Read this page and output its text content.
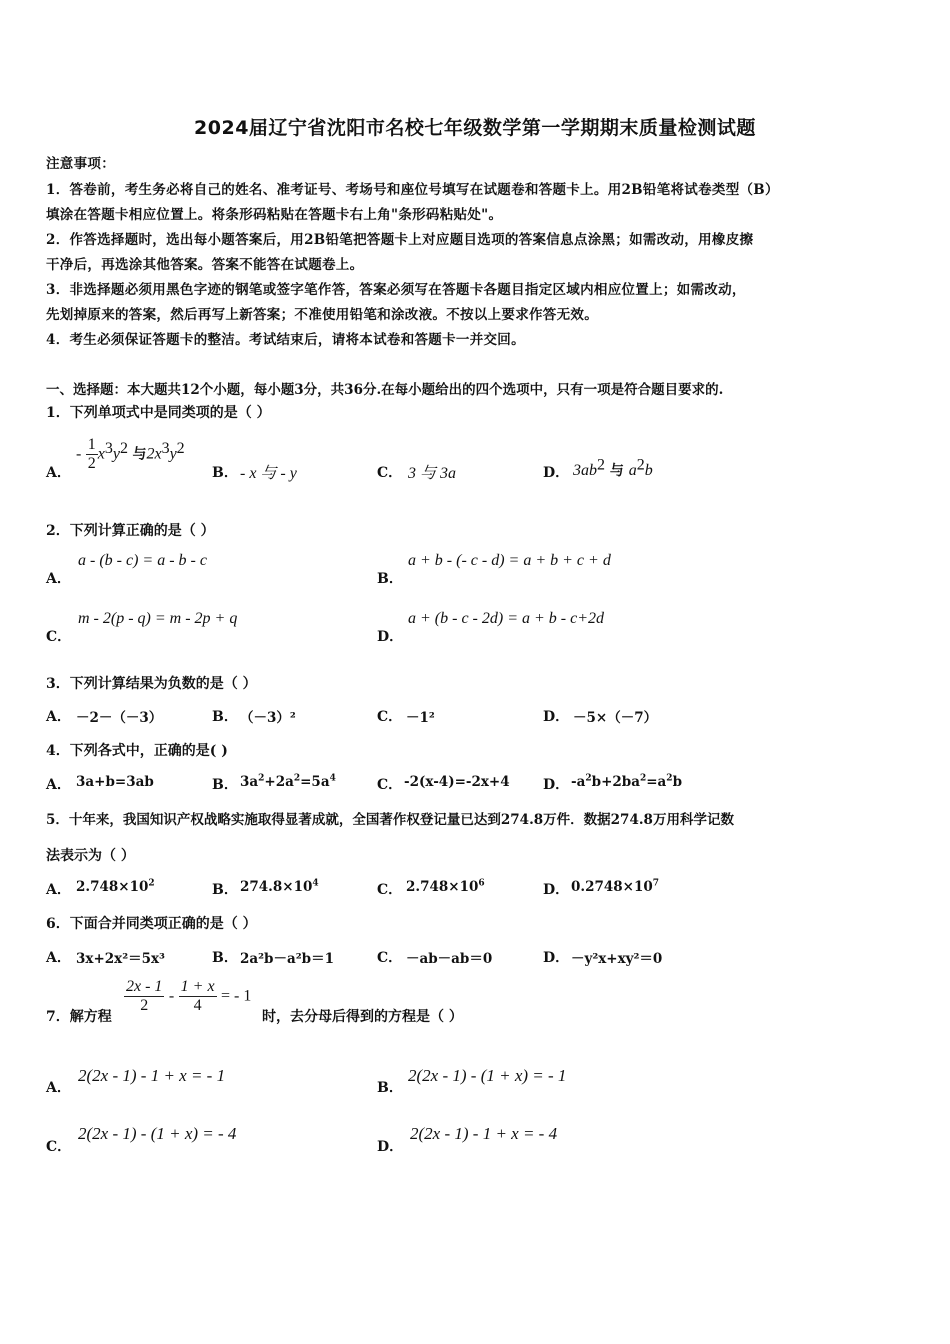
2024届辽宁省沈阳市名校七年级数学第一学期期末质量检测试题
注意事项：
1．答卷前，考生务必将自己的姓名、准考证号、考场号和座位号填写在试题卷和答题卡上。用2B铅笔将试卷类型（B）
填涂在答题卡相应位置上。将条形码粘贴在答题卡右上角"条形码粘贴处"。
2．作答选择题时，选出每小题答案后，用2B铅笔把答题卡上对应题目选项的答案信息点涂黑；如需改动，用橡皮擦
干净后，再选涂其他答案。答案不能答在试题卷上。
3．非选择题必须用黑色字迹的钢笔或签字笔作答，答案必须写在答题卡各题目指定区域内相应位置上；如需改动，
先划掉原来的答案，然后再写上新答案；不准使用铅笔和涂改液。不按以上要求作答无效。
4．考生必须保证答题卡的整洁。考试结束后，请将本试卷和答题卡一并交回。
一、选择题：本大题共12个小题，每小题3分，共36分.在每小题给出的四个选项中，只有一项是符合题目要求的.
1．下列单项式中是同类项的是（ ）
A．
- $\frac{1}{2} x^3y^2$ 与$2x^3y^2$
B． - x 与 - y	C． 3 与 3a	D． $3ab^2$ 与 $a^2b$
2．下列计算正确的是（ ）
A．
a - (b - c) = a - b - c
B．
a + b - (- c - d) = a + b + c + d
C．
m - 2(p - q) = m - 2p + q
D．
a + (b - c - 2d) = a + b - c+2d
3．下列计算结果为负数的是（ ）
A． －2－（－3）	B． （－3）²	C． －1²	D． －5×（－7）
4．下列各式中，正确的是( )
A． 3a+b=3ab	B． $3a^2+2a^2=5a^4$	C． -2(x-4)=-2x+4 D． $-a^2b+2ba^2=a^2b$
5．十年来，我国知识产权战略实施取得显著成就，全国著作权登记量已达到274.8万件．数据274.8万用科学记数
法表示为（ ）
A． $2.748\times 10^2$	B． $274.8\times 10^4$	C． $2.748\times 10^6$	D． $0.2748\times 10^7$
6．下面合并同类项正确的是（ ）
A． 3x+2x²＝5x³	B． 2a²b－a²b＝1	C． －ab－ab＝0	D． －y²x+xy²＝0
7．解方程
$\frac{2x - 1}{2} - \frac{1 + x}{4}$ = - 1
时，去分母后得到的方程是（ ）
A．
2(2x - 1) - 1 + x = - 1
B．
2(2x - 1) - (1 + x) = - 1
C．
2(2x - 1) - (1 + x) = - 4
D．
2(2x - 1) - 1 + x = - 4
